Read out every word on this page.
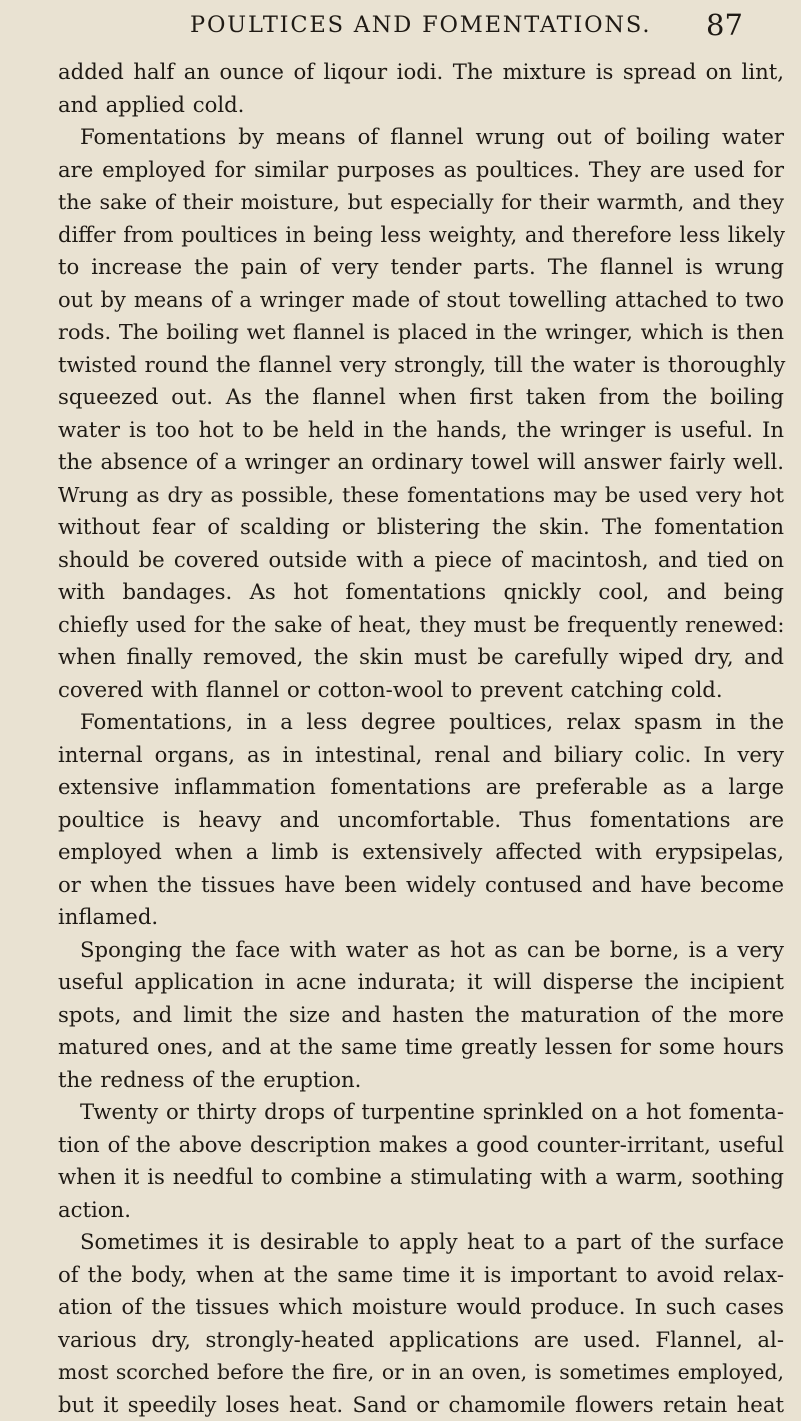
POULTICES AND FOMENTATIONS. 87
added half an ounce of liqour iodi. The mixture is spread on lint,
and applied cold.
Fomentations by means of flannel wrung out of boiling water
are employed for similar purposes as poultices. They are used for
the sake of their moisture, but especially for their warmth, and they
differ from poultices in being less weighty, and therefore less likely
to increase the pain of very tender parts. The flannel is wrung
out by means of a wringer made of stout towelling attached to two
rods. The boiling wet flannel is placed in the wringer, which is then
twisted round the flannel very strongly, till the water is thoroughly
squeezed out. As the flannel when first taken from the boiling
water is too hot to be held in the hands, the wringer is useful. In
the absence of a wringer an ordinary towel will answer fairly well.
Wrung as dry as possible, these fomentations may be used very hot
without fear of scalding or blistering the skin. The fomentation
should be covered outside with a piece of macintosh, and tied on
with bandages. As hot fomentations qnickly cool, and being
chiefly used for the sake of heat, they must be frequently renewed:
when finally removed, the skin must be carefully wiped dry, and
covered with flannel or cotton-wool to prevent catching cold.
Fomentations, in a less degree poultices, relax spasm in the
internal organs, as in intestinal, renal and biliary colic. In very
extensive inflammation fomentations are preferable as a large
poultice is heavy and uncomfortable. Thus fomentations are
employed when a limb is extensively affected with erypsipelas,
or when the tissues have been widely contused and have become
inflamed.
Sponging the face with water as hot as can be borne, is a very
useful application in acne indurata; it will disperse the incipient
spots, and limit the size and hasten the maturation of the more
matured ones, and at the same time greatly lessen for some hours
the redness of the eruption.
Twenty or thirty drops of turpentine sprinkled on a hot fomenta-
tion of the above description makes a good counter-irritant, useful
when it is needful to combine a stimulating with a warm, soothing
action.
Sometimes it is desirable to apply heat to a part of the surface
of the body, when at the same time it is important to avoid relax-
ation of the tissues which moisture would produce. In such cases
various dry, strongly-heated applications are used. Flannel, al-
most scorched before the fire, or in an oven, is sometimes employed,
but it speedily loses heat. Sand or chamomile flowers retain heat
